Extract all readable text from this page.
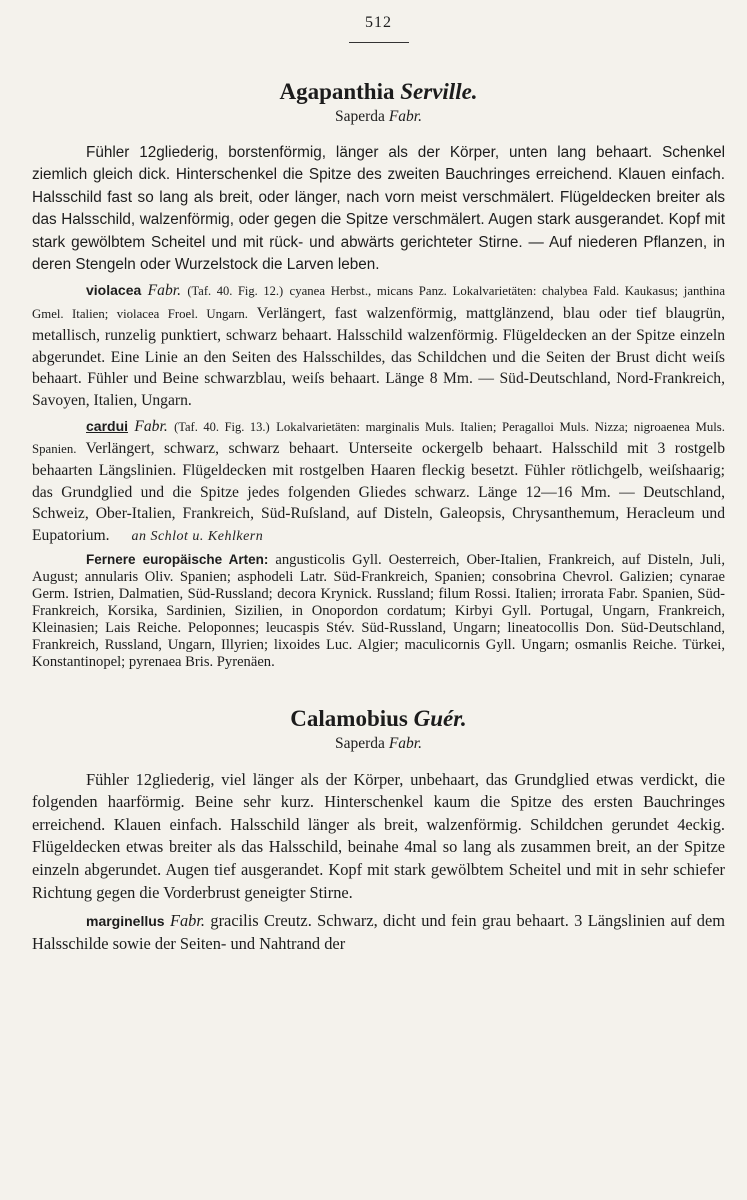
512
Agapanthia Serville.
Saperda Fabr.

Fühler 12gliederig, borstenförmig, länger als der Körper, unten lang behaart. Schenkel ziemlich gleich dick. Hinterschenkel die Spitze des zweiten Bauchringes erreichend. Klauen einfach. Halsschild fast so lang als breit, oder länger, nach vorn meist verschmälert. Flügeldecken breiter als das Halsschild, walzenförmig, oder gegen die Spitze verschmälert. Augen stark ausgerandet. Kopf mit stark gewölbtem Scheitel und mit rück- und abwärts gerichteter Stirne. — Auf niederen Pflanzen, in deren Stengeln oder Wurzelstock die Larven leben.

violacea Fabr. (Taf. 40. Fig. 12.) cyanea Herbst., micans Panz. Lokalvarietäten: chalybea Fald. Kaukasus; janthina Gmel. Italien; violacea Froel. Ungarn. Verlängert, fast walzenförmig, mattglänzend, blau oder tief blaugrün, metallisch, runzelig punktiert, schwarz behaart. Halsschild walzenförmig. Flügeldecken an der Spitze einzeln abgerundet. Eine Linie an den Seiten des Halsschildes, das Schildchen und die Seiten der Brust dicht weiſs behaart. Fühler und Beine schwarzblau, weiſs behaart. Länge 8 Mm. — Süd-Deutschland, Nord-Frankreich, Savoyen, Italien, Ungarn.

cardui Fabr. (Taf. 40. Fig. 13.) Lokalvarietäten: marginalis Muls. Italien; Peragalloi Muls. Nizza; nigroaenea Muls. Spanien. Verlängert, schwarz, schwarz behaart. Unterseite ockergelb behaart. Halsschild mit 3 rostgelb behaarten Längslinien. Flügeldecken mit rostgelben Haaren fleckig besetzt. Fühler rötlichgelb, weiſshaarig; das Grundglied und die Spitze jedes folgenden Gliedes schwarz. Länge 12—16 Mm. — Deutschland, Schweiz, Ober-Italien, Frankreich, Süd-Ruſsland, auf Disteln, Galeopsis, Chrysanthemum, Heracleum und Eupatorium. an Schlot u. Kehlkern

Fernere europäische Arten: angusticolis Gyll. Oesterreich, Ober-Italien, Frankreich, auf Disteln, Juli, August; annularis Oliv. Spanien; asphodeli Latr. Süd-Frankreich, Spanien; consobrina Chevrol. Galizien; cynarae Germ. Istrien, Dalmatien, Süd-Russland; decora Krynick. Russland; filum Rossi. Italien; irrorata Fabr. Spanien, Süd-Frankreich, Korsika, Sardinien, Sizilien, in Onopordon cordatum; Kirbyi Gyll. Portugal, Ungarn, Frankreich, Kleinasien; Lais Reiche. Peloponnes; leucaspis Stév. Süd-Russland, Ungarn; lineatocollis Don. Süd-Deutschland, Frankreich, Russland, Ungarn, Illyrien; lixoides Luc. Algier; maculicornis Gyll. Ungarn; osmanlis Reiche. Türkei, Konstantinopel; pyrenaea Bris. Pyrenäen.

Calamobius Guér.
Saperda Fabr.

Fühler 12gliederig, viel länger als der Körper, unbehaart, das Grundglied etwas verdickt, die folgenden haarförmig. Beine sehr kurz. Hinterschenkel kaum die Spitze des ersten Bauchringes erreichend. Klauen einfach. Halsschild länger als breit, walzenförmig. Schildchen gerundet 4eckig. Flügeldecken etwas breiter als das Halsschild, beinahe 4mal so lang als zusammen breit, an der Spitze einzeln abgerundet. Augen tief ausgerandet. Kopf mit stark gewölbtem Scheitel und mit in sehr schiefer Richtung gegen die Vorderbrust geneigter Stirne.

marginellus Fabr. gracilis Creutz. Schwarz, dicht und fein grau behaart. 3 Längslinien auf dem Halsschilde sowie der Seiten- und Nahtrand der
